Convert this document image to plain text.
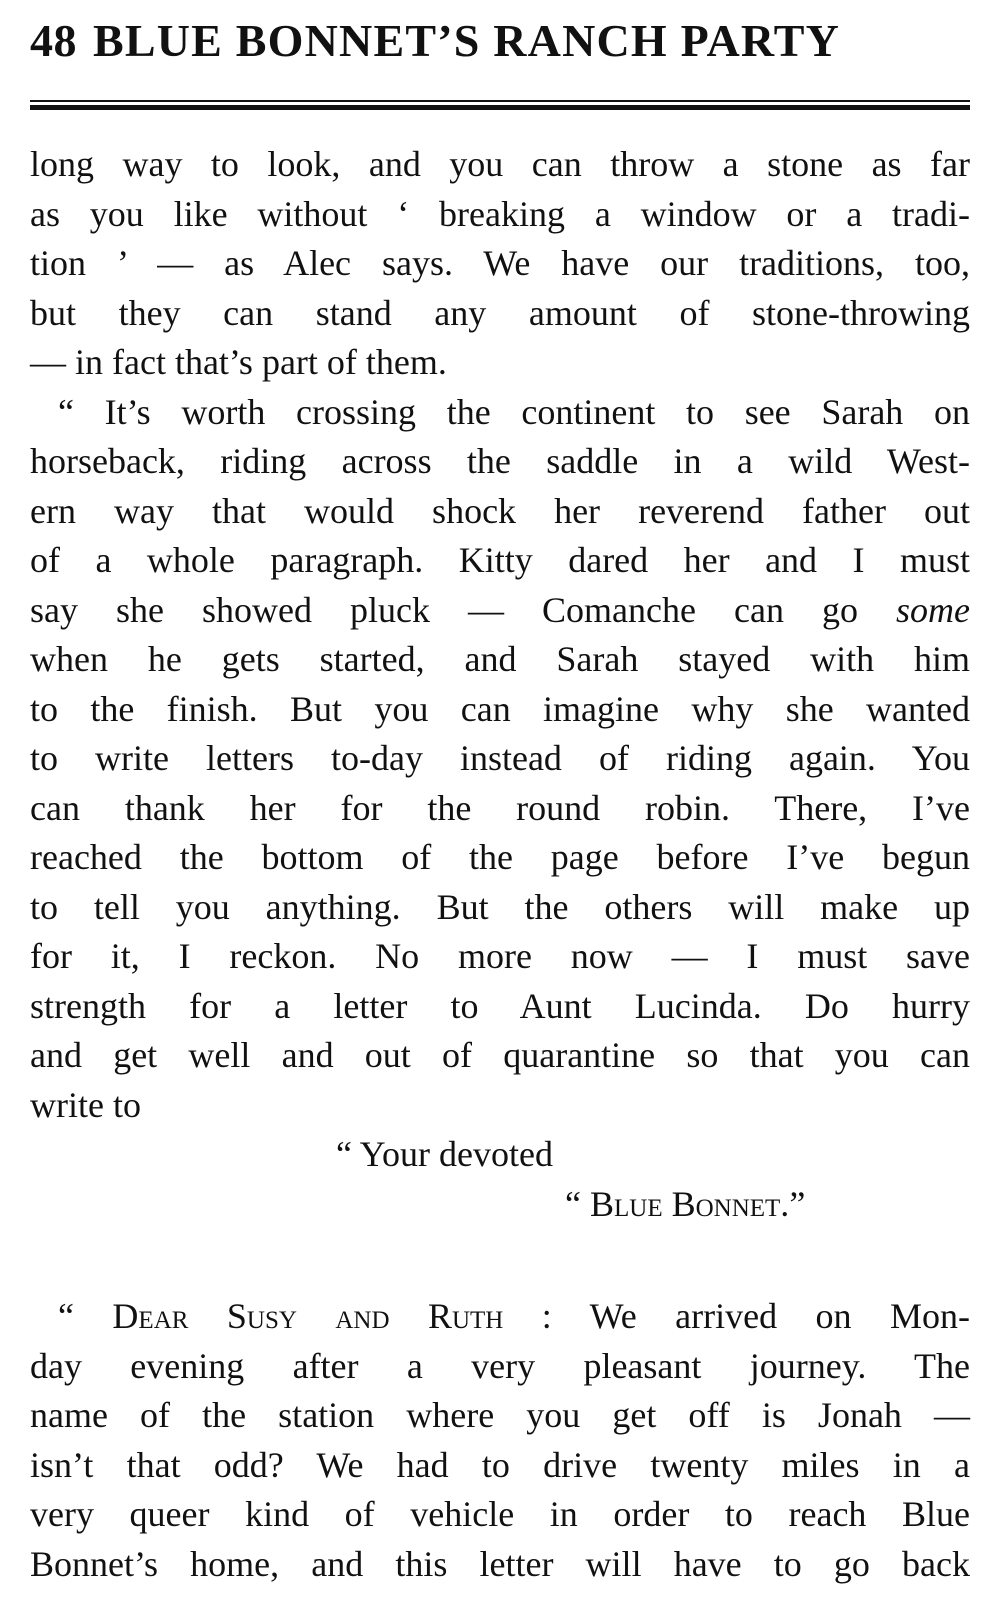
48 BLUE BONNET’S RANCH PARTY
long way to look, and you can throw a stone as far
as you like without ‘ breaking a window or a tradi-
tion ’ — as Alec says. We have our traditions, too,
but they can stand any amount of stone-throwing
— in fact that’s part of them.
“ It’s worth crossing the continent to see Sarah on
horseback, riding across the saddle in a wild West-
ern way that would shock her reverend father out
of a whole paragraph. Kitty dared her and I must
say she showed pluck — Comanche can go some
when he gets started, and Sarah stayed with him
to the finish. But you can imagine why she wanted
to write letters to-day instead of riding again. You
can thank her for the round robin. There, I’ve
reached the bottom of the page before I’ve begun
to tell you anything. But the others will make up
for it, I reckon. No more now — I must save
strength for a letter to Aunt Lucinda. Do hurry
and get well and out of quarantine so that you can
write to
“ Your devoted
“ Blue Bonnet.”
“ Dear Susy and Ruth : We arrived on Mon-
day evening after a very pleasant journey. The
name of the station where you get off is Jonah —
isn’t that odd? We had to drive twenty miles in a
very queer kind of vehicle in order to reach Blue
Bonnet’s home, and this letter will have to go back
